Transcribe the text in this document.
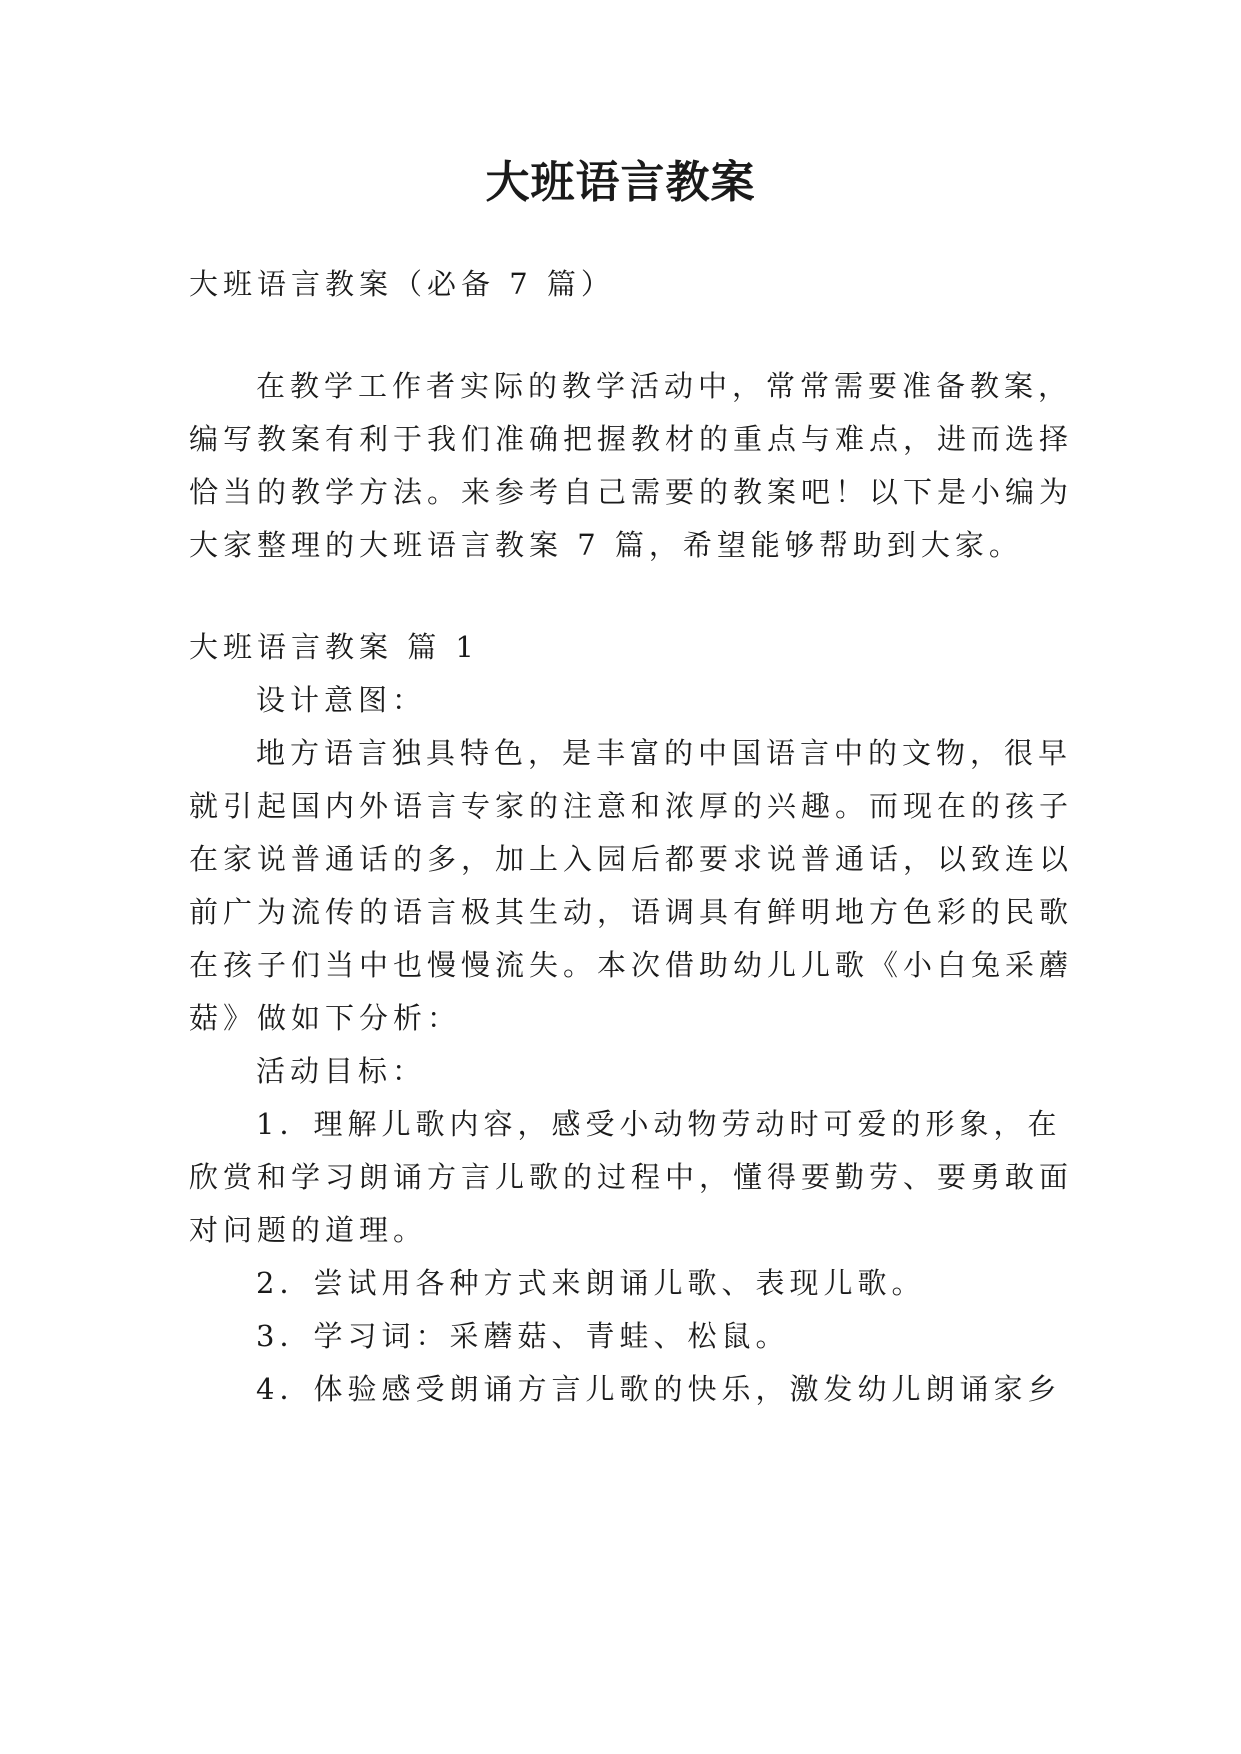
大班语言教案
大班语言教案（必备 7 篇）
在教学工作者实际的教学活动中，常常需要准备教案，
编写教案有利于我们准确把握教材的重点与难点，进而选择
恰当的教学方法。来参考自己需要的教案吧！以下是小编为
大家整理的大班语言教案 7 篇，希望能够帮助到大家。
大班语言教案 篇 1
设计意图：
地方语言独具特色，是丰富的中国语言中的文物，很早
就引起国内外语言专家的注意和浓厚的兴趣。而现在的孩子
在家说普通话的多，加上入园后都要求说普通话，以致连以
前广为流传的语言极其生动，语调具有鲜明地方色彩的民歌
在孩子们当中也慢慢流失。本次借助幼儿儿歌《小白兔采蘑
菇》做如下分析：
活动目标：
1．理解儿歌内容，感受小动物劳动时可爱的形象，在
欣赏和学习朗诵方言儿歌的过程中，懂得要勤劳、要勇敢面
对问题的道理。
2．尝试用各种方式来朗诵儿歌、表现儿歌。
3．学习词：采蘑菇、青蛙、松鼠。
4．体验感受朗诵方言儿歌的快乐，激发幼儿朗诵家乡
